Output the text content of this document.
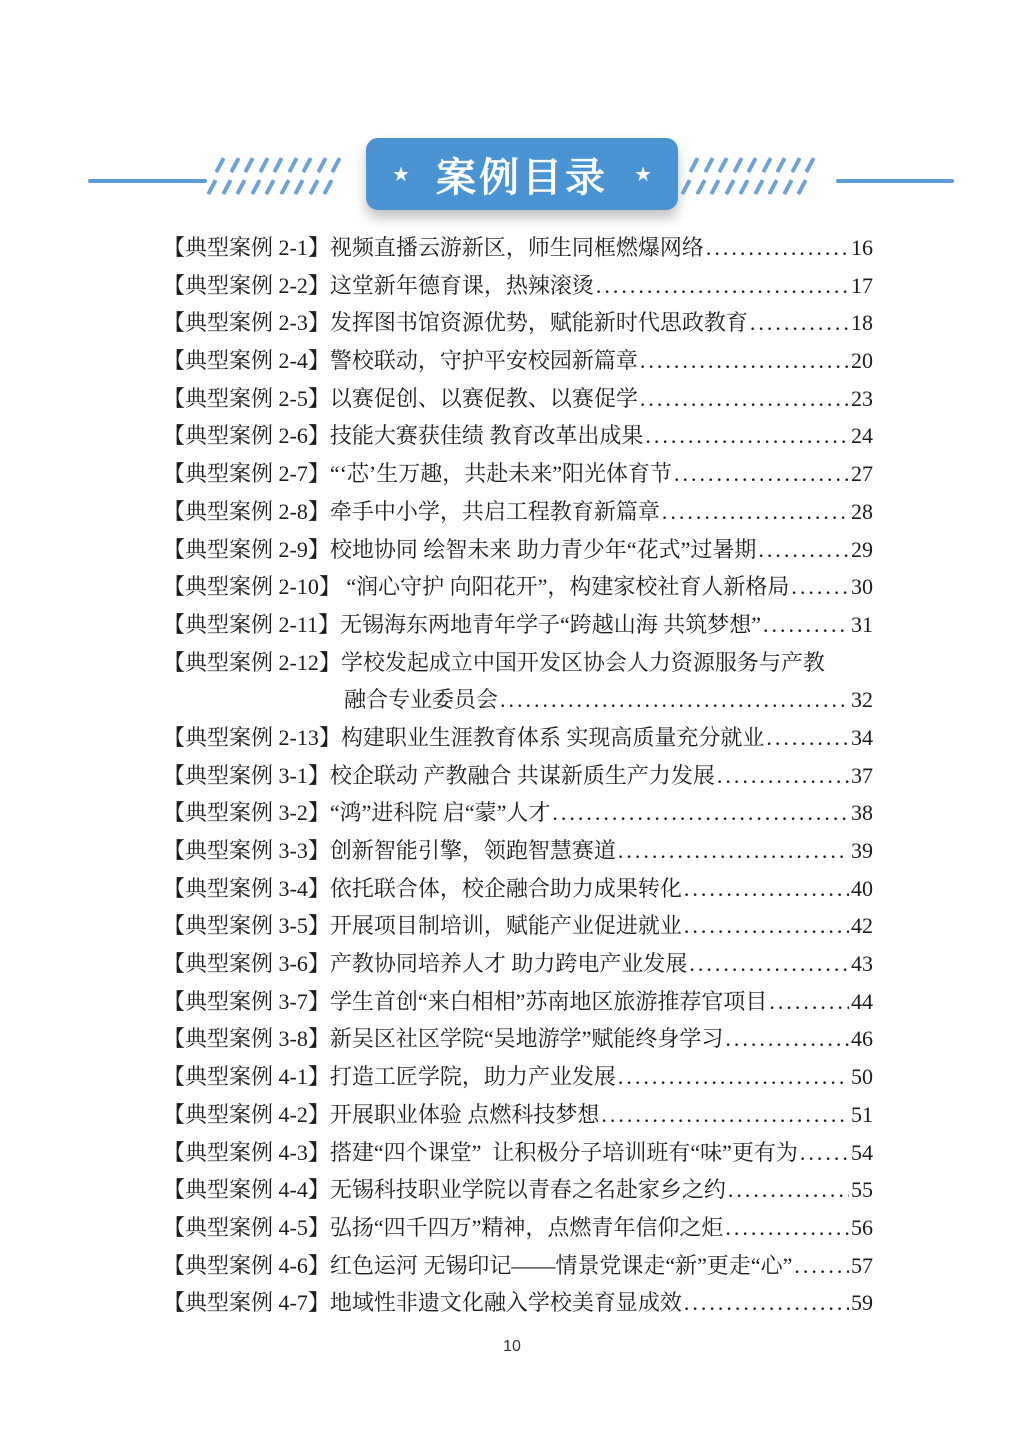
★ 案例目录 ★
【典型案例 2-1】 视频直播云游新区，师生同框燃爆网络 .....	16
【典型案例 2-2】 这堂新年德育课，热辣滚烫 .....	17
【典型案例 2-3】 发挥图书馆资源优势，赋能新时代思政教育 .....	18
【典型案例 2-4】 警校联动，守护平安校园新篇章 .....	20
【典型案例 2-5】 以赛促创、以赛促教、以赛促学 .....	23
【典型案例 2-6】 技能大赛获佳绩 教育改革出成果 .....	24
【典型案例 2-7】 “‘芯’生万趣，共赴未来”阳光体育节 .....	27
【典型案例 2-8】 牵手中小学，共启工程教育新篇章 .....	28
【典型案例 2-9】 校地协同 绘智未来 助力青少年“花式”过暑期 .....	29
【典型案例 2-10】 “润心守护 向阳花开”，构建家校社育人新格局 .....	30
【典型案例 2-11】 无锡海东两地青年学子“跨越山海 共筑梦想” .....	31
【典型案例 2-12】 学校发起成立中国开发区协会人力资源服务与产教
融合专业委员会 .....	32
【典型案例 2-13】 构建职业生涯教育体系 实现高质量充分就业 .....	34
【典型案例 3-1】 校企联动 产教融合 共谋新质生产力发展 .....	37
【典型案例 3-2】 “鸿”进科院 启“蒙”人才 .....	38
【典型案例 3-3】 创新智能引擎，领跑智慧赛道 .....	39
【典型案例 3-4】 依托联合体，校企融合助力成果转化 .....	40
【典型案例 3-5】 开展项目制培训，赋能产业促进就业 .....	42
【典型案例 3-6】 产教协同培养人才 助力跨电产业发展 .....	43
【典型案例 3-7】 学生首创“来白相相”苏南地区旅游推荐官项目 .....	44
【典型案例 3-8】 新吴区社区学院“吴地游学”赋能终身学习 .....	46
【典型案例 4-1】 打造工匠学院，助力产业发展 .....	50
【典型案例 4-2】 开展职业体验 点燃科技梦想 .....	51
【典型案例 4-3】 搭建“四个课堂”  让积极分子培训班有“味”更有为 ..... 54
【典型案例 4-4】 无锡科技职业学院以青春之名赴家乡之约 .....	55
【典型案例 4-5】 弘扬“四千四万”精神，点燃青年信仰之炬 .....	56
【典型案例 4-6】 红色运河 无锡印记——情景党课走“新”更走“心” .....	57
【典型案例 4-7】 地域性非遗文化融入学校美育显成效 .....	59
10
